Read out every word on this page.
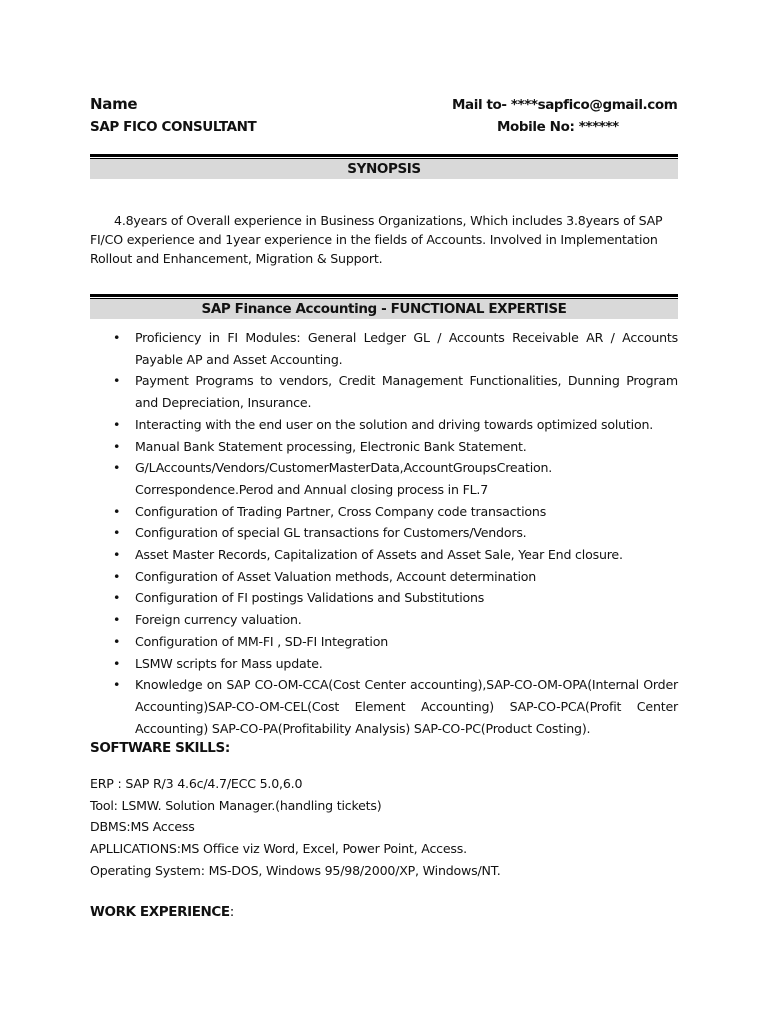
Name
SAP FICO CONSULTANT
Mail to- ****sapfico@gmail.com
Mobile No: ******
SYNOPSIS

4.8years of Overall experience in Business Organizations, Which includes 3.8years of SAP FI/CO experience and 1year experience in the fields of Accounts. Involved in Implementation Rollout and Enhancement, Migration & Support.

SAP Finance Accounting - FUNCTIONAL EXPERTISE
• Proficiency in FI Modules: General Ledger GL / Accounts Receivable AR / Accounts Payable AP and Asset Accounting.
• Payment Programs to vendors, Credit Management Functionalities, Dunning Program and Depreciation, Insurance.
• Interacting with the end user on the solution and driving towards optimized solution.
• Manual Bank Statement processing, Electronic Bank Statement.
• G/LAccounts/Vendors/CustomerMasterData,AccountGroupsCreation. Correspondence.Perod and Annual closing process in FL.7
• Configuration of Trading Partner, Cross Company code transactions
• Configuration of special GL transactions for Customers/Vendors.
• Asset Master Records, Capitalization of Assets and Asset Sale, Year End closure.
• Configuration of Asset Valuation methods, Account determination
• Configuration of FI postings Validations and Substitutions
• Foreign currency valuation.
• Configuration of MM-FI , SD-FI Integration
• LSMW scripts for Mass update.
• Knowledge on SAP CO-OM-CCA(Cost Center accounting),SAP-CO-OM-OPA(Internal Order Accounting)SAP-CO-OM-CEL(Cost Element Accounting) SAP-CO-PCA(Profit Center Accounting) SAP-CO-PA(Profitability Analysis) SAP-CO-PC(Product Costing).
SOFTWARE SKILLS:
ERP : SAP R/3 4.6c/4.7/ECC 5.0,6.0
Tool: LSMW. Solution Manager.(handling tickets)
DBMS:MS Access
APLLICATIONS:MS Office viz Word, Excel, Power Point, Access.
Operating System: MS-DOS, Windows 95/98/2000/XP, Windows/NT.
WORK EXPERIENCE:
